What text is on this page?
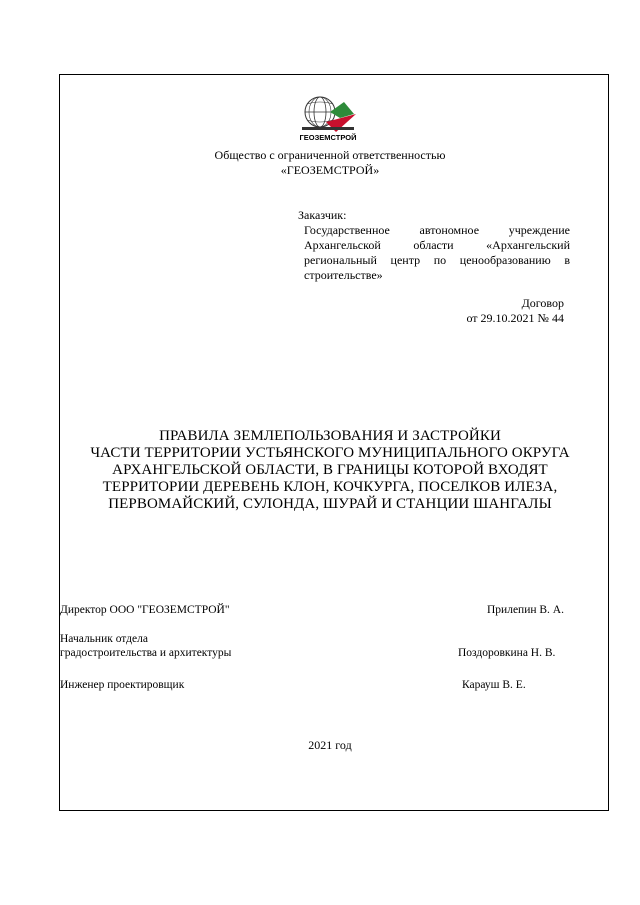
ГЕОЗЕМСТРОЙ
Общество с ограниченной ответственностью
«ГЕОЗЕМСТРОЙ»
Заказчик:
Государственное автономное учреждение
Архангельской области «Архангельский
региональный центр по ценообразованию в
строительстве»
Договор
от 29.10.2021 № 44
ПРАВИЛА ЗЕМЛЕПОЛЬЗОВАНИЯ И ЗАСТРОЙКИ
ЧАСТИ ТЕРРИТОРИИ УСТЬЯНСКОГО МУНИЦИПАЛЬНОГО ОКРУГА
АРХАНГЕЛЬСКОЙ ОБЛАСТИ, В ГРАНИЦЫ КОТОРОЙ ВХОДЯТ
ТЕРРИТОРИИ ДЕРЕВЕНЬ КЛОН, КОЧКУРГА, ПОСЕЛКОВ ИЛЕЗА,
ПЕРВОМАЙСКИЙ, СУЛОНДА, ШУРАЙ И СТАНЦИИ ШАНГАЛЫ
Директор ООО "ГЕОЗЕМСТРОЙ"	Прилепин В. А.
Начальник отдела
градостроительства и архитектуры	Поздоровкина Н. В.
Инженер проектировщик	Карауш В. Е.
2021 год
